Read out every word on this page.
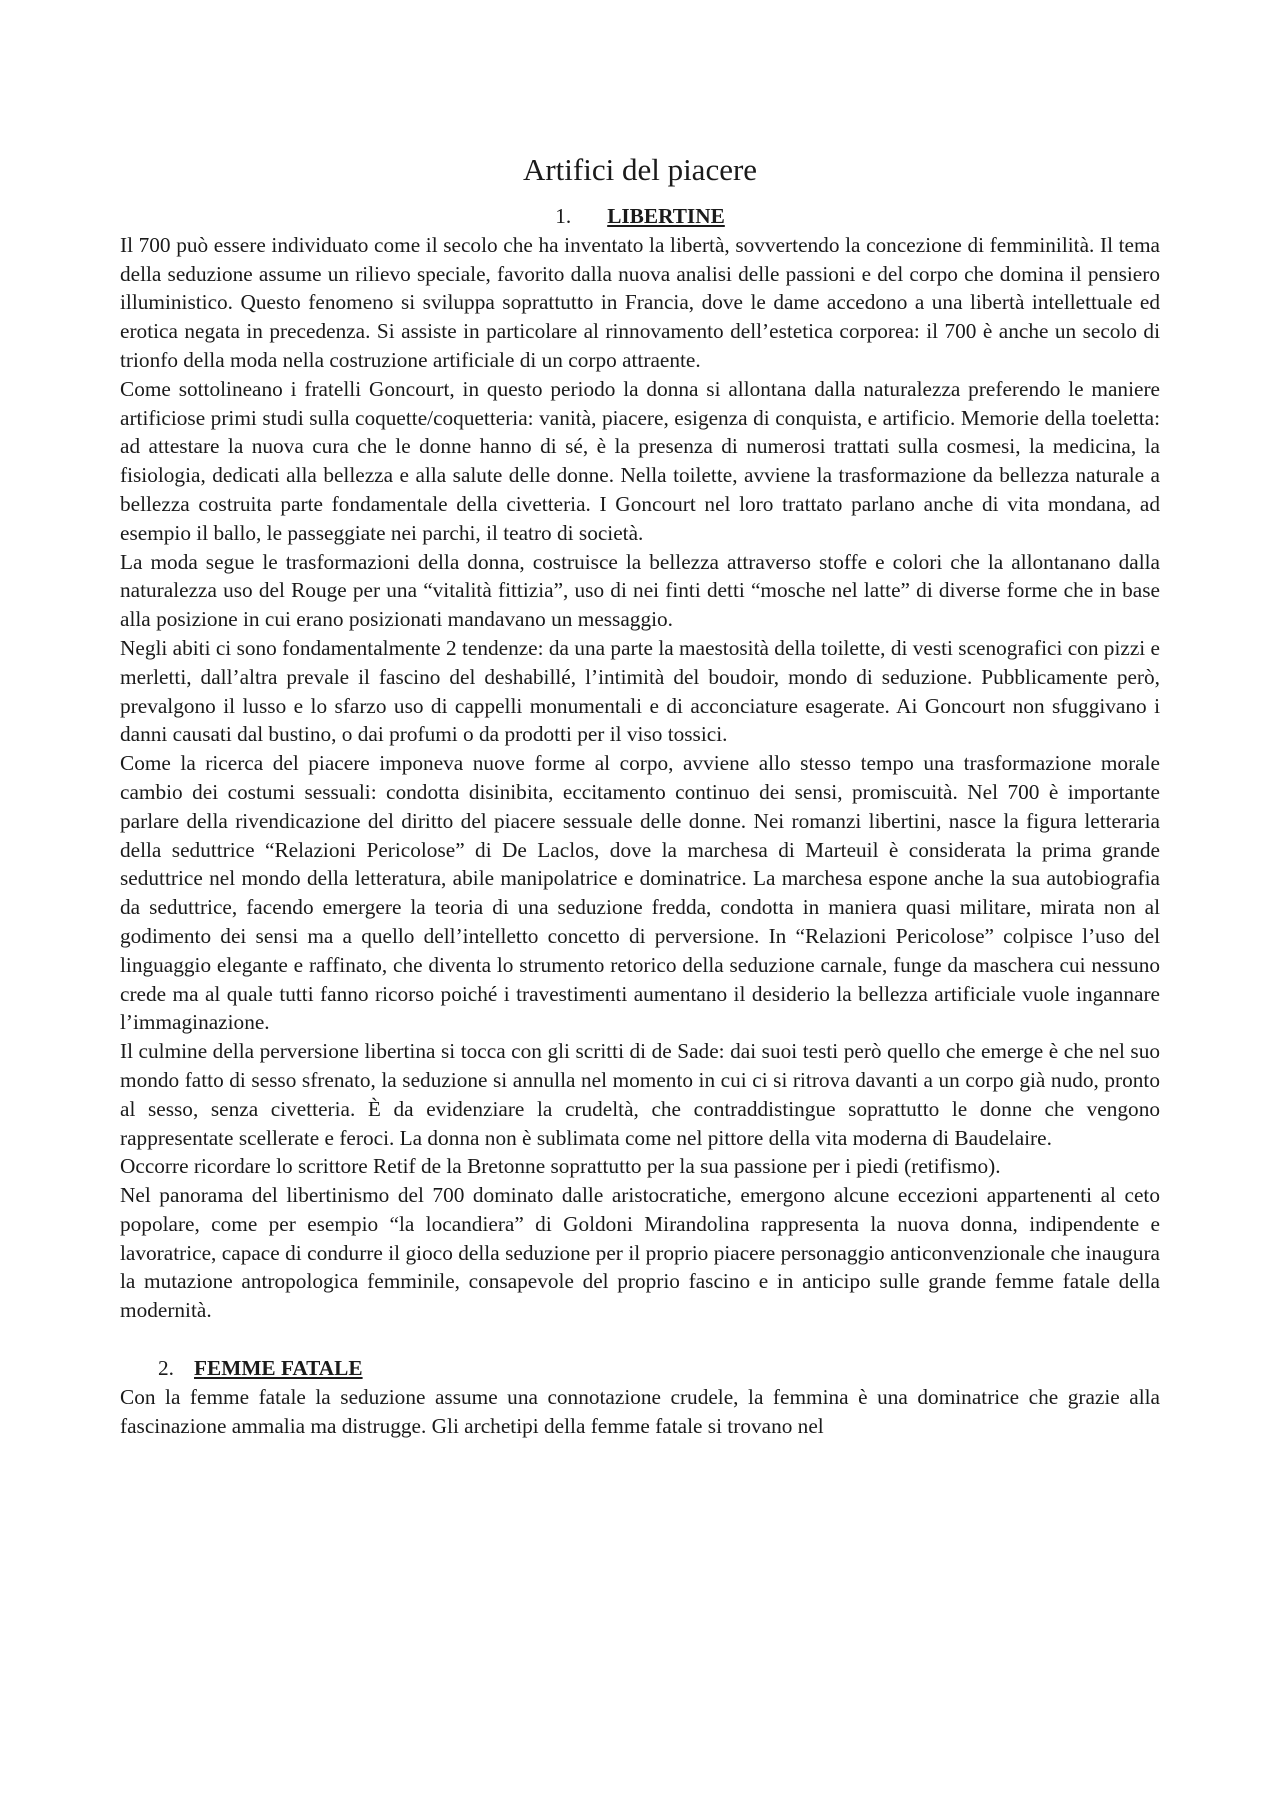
Artifici del piacere
1. LIBERTINE

Il 700 può essere individuato come il secolo che ha inventato la libertà, sovvertendo la concezione di femminilità. Il tema della seduzione assume un rilievo speciale, favorito dalla nuova analisi delle passioni e del corpo che domina il pensiero illuministico. Questo fenomeno si sviluppa soprattutto in Francia, dove le dame accedono a una libertà intellettuale ed erotica negata in precedenza. Si assiste in particolare al rinnovamento dell’estetica corporea: il 700 è anche un secolo di trionfo della moda nella costruzione artificiale di un corpo attraente.

Come sottolineano i fratelli Goncourt, in questo periodo la donna si allontana dalla naturalezza preferendo le maniere artificiose primi studi sulla coquette/coquetteria: vanità, piacere, esigenza di conquista, e artificio. Memorie della toeletta: ad attestare la nuova cura che le donne hanno di sé, è la presenza di numerosi trattati sulla cosmesi, la medicina, la fisiologia, dedicati alla bellezza e alla salute delle donne. Nella toilette, avviene la trasformazione da bellezza naturale a bellezza costruita parte fondamentale della civetteria. I Goncourt nel loro trattato parlano anche di vita mondana, ad esempio il ballo, le passeggiate nei parchi, il teatro di società.

La moda segue le trasformazioni della donna, costruisce la bellezza attraverso stoffe e colori che la allontanano dalla naturalezza uso del Rouge per una “vitalità fittizia”, uso di nei finti detti “mosche nel latte” di diverse forme che in base alla posizione in cui erano posizionati mandavano un messaggio.

Negli abiti ci sono fondamentalmente 2 tendenze: da una parte la maestosità della toilette, di vesti scenografici con pizzi e merletti, dall’altra prevale il fascino del deshabillé, l’intimità del boudoir, mondo di seduzione. Pubblicamente però, prevalgono il lusso e lo sfarzo uso di cappelli monumentali e di acconciature esagerate. Ai Goncourt non sfuggivano i danni causati dal bustino, o dai profumi o da prodotti per il viso tossici.

Come la ricerca del piacere imponeva nuove forme al corpo, avviene allo stesso tempo una trasformazione morale cambio dei costumi sessuali: condotta disinibita, eccitamento continuo dei sensi, promiscuità. Nel 700 è importante parlare della rivendicazione del diritto del piacere sessuale delle donne. Nei romanzi libertini, nasce la figura letteraria della seduttrice “Relazioni Pericolose” di De Laclos, dove la marchesa di Marteuil è considerata la prima grande seduttrice nel mondo della letteratura, abile manipolatrice e dominatrice. La marchesa espone anche la sua autobiografia da seduttrice, facendo emergere la teoria di una seduzione fredda, condotta in maniera quasi militare, mirata non al godimento dei sensi ma a quello dell’intelletto concetto di perversione. In “Relazioni Pericolose” colpisce l’uso del linguaggio elegante e raffinato, che diventa lo strumento retorico della seduzione carnale, funge da maschera cui nessuno crede ma al quale tutti fanno ricorso poiché i travestimenti aumentano il desiderio la bellezza artificiale vuole ingannare l’immaginazione.

Il culmine della perversione libertina si tocca con gli scritti di de Sade: dai suoi testi però quello che emerge è che nel suo mondo fatto di sesso sfrenato, la seduzione si annulla nel momento in cui ci si ritrova davanti a un corpo già nudo, pronto al sesso, senza civetteria. È da evidenziare la crudeltà, che contraddistingue soprattutto le donne che vengono rappresentate scellerate e feroci. La donna non è sublimata come nel pittore della vita moderna di Baudelaire.

Occorre ricordare lo scrittore Retif de la Bretonne soprattutto per la sua passione per i piedi (retifismo).

Nel panorama del libertinismo del 700 dominato dalle aristocratiche, emergono alcune eccezioni appartenenti al ceto popolare, come per esempio “la locandiera” di Goldoni Mirandolina rappresenta la nuova donna, indipendente e lavoratrice, capace di condurre il gioco della seduzione per il proprio piacere personaggio anticonvenzionale che inaugura la mutazione antropologica femminile, consapevole del proprio fascino e in anticipo sulle grande femme fatale della modernità.

2. FEMME FATALE

Con la femme fatale la seduzione assume una connotazione crudele, la femmina è una dominatrice che grazie alla fascinazione ammalia ma distrugge. Gli archetipi della femme fatale si trovano nel
